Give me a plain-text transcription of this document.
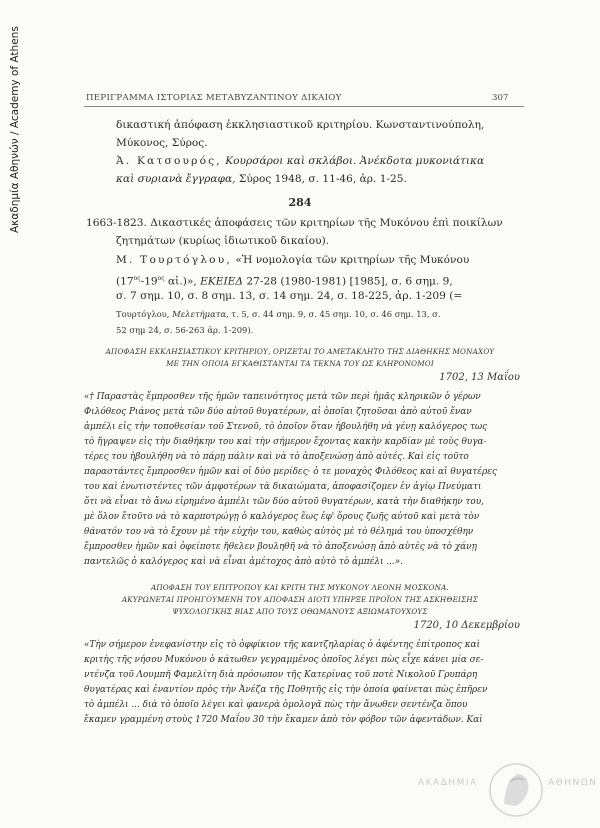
Ακαδημία Αθηνών / Academy of Athens	ΠΕΡΙΓΡΑΜΜΑ ΙΣΤΟΡΙΑΣ ΜΕΤΑΒΥΖΑΝΤΙΝΟΥ ΔΙΚΑΙΟΥ	307
δικαστική ἀπόφαση ἐκκλησιαστικοῦ κριτηρίου. Κωνσταντινούπολη,
Μύκονος, Σύρος.
Ἀ. Κατσουρός, Κουρσάροι καὶ σκλάβοι. Ἀνέκδοτα μυκονιάτικα
καὶ συριανὰ ἔγγραφα, Σύρος 1948, σ. 11-46, ἀρ. 1-25.
284
1663-1823. Δικαστικές ἀποφάσεις τῶν κριτηρίων τῆς Μυκόνου ἐπὶ ποικίλων
ζητημάτων (κυρίως ἰδιωτικοῦ δικαίου).
Μ. Τουρτόγλου, «Ἡ νομολογία τῶν κριτηρίων τῆς Μυκόνου
($17^{o\varsigma}-19^{o\varsigma}$ αἰ.)», ΕΚΕΙΕΔ 27-28 (1980-1981) [1985], σ. 6 σημ. 9,
σ. 7 σημ. 10, σ. 8 σημ. 13, σ. 14 σημ. 24, σ. 18-225, ἀρ. 1-209 (=
Τουρτόγλου, Μελετήματα, τ. 5, σ. 44 σημ. 9, σ. 45 σημ. 10, σ. 46 σημ. 13, σ.
52 σημ 24, σ. 56-263 ἀρ. 1-209).
ΑΠΟΦΑΣΗ ΕΚΚΛΗΣΙΑΣΤΙΚΟΥ ΚΡΙΤΗΡΙΟΥ, ΟΡΙΖΕΤΑΙ ΤΟ ΑΜΕΤΑΚΛΗΤΟ ΤΗΣ ΔΙΑΘΗΚΗΣ ΜΟΝΑΧΟΥ
ΜΕ ΤΗΝ ΟΠΟΙΑ ΕΓΚΑΘΙΣΤΑΝΤΑΙ ΤΑ ΤΕΚΝΑ ΤΟΥ ΩΣ ΚΛΗΡΟΝΟΜΟΙ
1702, 13 Μαΐου
«† Παραστὰς ἔμπροσθεν τῆς ἡμῶν ταπεινότητος μετὰ τῶν περὶ ἡμᾶς κληρικῶν ὁ γέρων
Φιλόθεος Ριάνος μετὰ τῶν δύο αὐτοῦ θυγατέρων, αἱ ὁποῖαι ζητοῦσαι ἀπὸ αὐτοῦ ἕναν
ἀμπέλι εἰς τὴν τοποθεσίαν τοῦ Στενοῦ, τὸ ὁποῖον ὅταν ἠβουλήθη νὰ γένῃ καλόγερος τως
τὸ ἤγραψεν εἰς τὴν διαθήκην του καὶ τὴν σήμερον ἔχοντας κακὴν καρδίαν μὲ τοὺς θυγα-
τέρες του ἠβουλήθη νὰ τὸ πάρῃ πάλιν καὶ νὰ τὸ ἀποξενώσῃ ἀπὸ αὐτές. Καὶ εἰς τοῦτο
παραστάντες ἔμπροσθεν ἡμῶν καὶ οἱ δύο μερίδες· ὁ τε μοναχὸς Φιλόθεος καὶ αἱ θυγατέρες
του καὶ ἐνωτιστέντες τῶν ἀμφοτέρων τὰ δικαιώματα, ἀποφασίζομεν ἐν ἁγίῳ Πνεύματι
ὅτι νὰ εἶναι τὸ ἄνω εἰρημένο ἀμπέλι τῶν δύο αὐτοῦ θυγατέρων, κατὰ τὴν διαθήκην του,
μὲ ὅλον ἔτοῦτο νὰ τὸ καρποτρώγῃ ὁ καλόγερος ἕως ἐφ' ὅρους ζωῆς αὐτοῦ καὶ μετὰ τὸν
θάνατόν του νὰ τὸ ἔχουν μὲ τὴν εὐχήν του, καθὼς αὐτὸς μὲ τὸ θέλημά του ὑποσχέθην
ἔμπροσθεν ἡμῶν καὶ ὀφείποτε ἤθελεν βουληθῆ νὰ τὸ ἀποξενώσῃ ἀπὸ αὐτὲς νὰ τὸ χάνῃ
παντελῶς ὁ καλόγερος καὶ νὰ εἶναι ἀμέτοχος ἀπὸ αὐτὸ τὸ ἀμπέλι ...».
ΑΠΟΦΑΣΗ ΤΟΥ ΕΠΙΤΡΟΠΟΥ ΚΑΙ ΚΡΙΤΗ ΤΗΣ ΜΥΚΟΝΟΥ ΛΕΟΝΗ ΜΟΣΚΟΝΑ.
ΑΚΥΡΩΝΕΤΑΙ ΠΡΟΗΓΟΥΜΕΝΗ ΤΟΥ ΑΠΟΦΑΣΗ ΔΙΟΤΙ ΥΠΗΡΞΕ ΠΡΟΪΟΝ ΤΗΣ ΑΣΚΗΘΕΙΣΗΣ
ΨΥΧΟΛΟΓΙΚΗΣ ΒΙΑΣ ΑΠΟ ΤΟΥΣ ΟΘΩΜΑΝΟΥΣ ΑΞΙΩΜΑΤΟΥΧΟΥΣ
1720, 10 Δεκεμβρίου
«Τὴν σήμερον ἐνεφανίστην εἰς τὸ ὀφφίκιον τῆς καντζηλαρίας ὁ ἀφέντης ἐπίτροπος καὶ
κριτὴς τῆς νήσου Μυκόνου ὁ κάτωθεν γεγραμμένος ὁποῖος λέγει πὼς εἶχε κάνει μία σε-
ντένζα τοῦ Λουμπῆ Φαμελίτη διὰ πρόσωπον τῆς Κατερίνας τοῦ ποτὲ Νικολοῦ Γρυπάρη
θυγατέρας καὶ ἐναντίον πρὸς τὴν Ἀνέζα τῆς Ποθητῆς εἰς τὴν ὁποία φαίνεται πὼς ἐπῆρεν
τὸ ἀμπέλι ... διὰ τὸ ὁποῖο λέγει καὶ φανερὰ ὁμολογᾶ πὼς τὴν ἄνωθεν σεντένζα ὅπου
ἔκαμεν γραμμένη στοὺς 1720 Μαΐου 30 τὴν ἔκαμεν ἀπὸ τὸν φόβον τῶν ἀφεντάδων. Καὶ
ΑΚΑΔΗΜΙΑ	ΑΘΗΝΩΝ
